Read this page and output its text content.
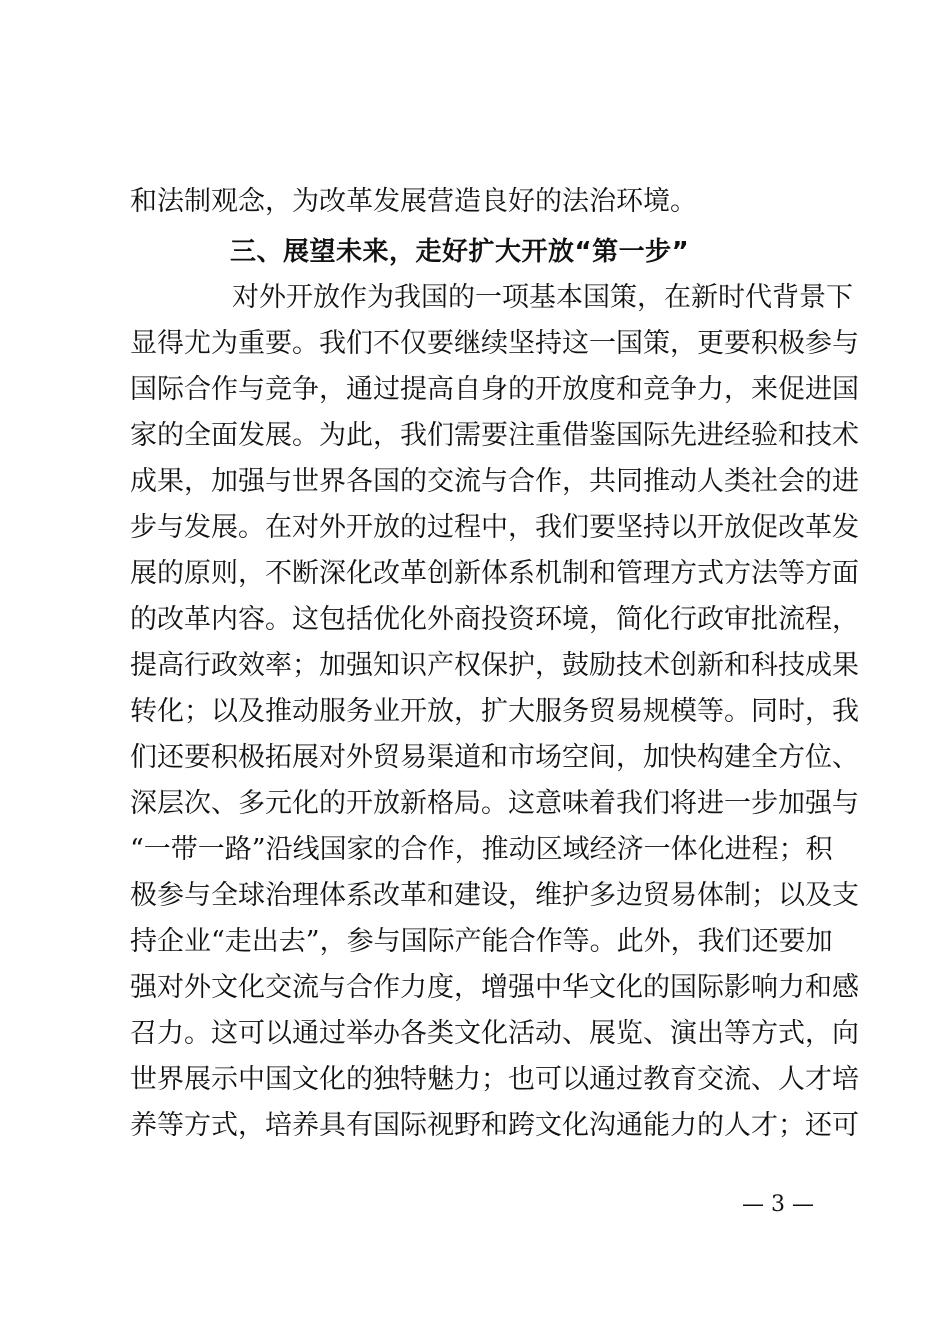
和法制观念，为改革发展营造良好的法治环境。
三、展望未来，走好扩大开放“第一步”
对外开放作为我国的一项基本国策，在新时代背景下
显得尤为重要。我们不仅要继续坚持这一国策，更要积极参与
国际合作与竞争，通过提高自身的开放度和竞争力，来促进国
家的全面发展。为此，我们需要注重借鉴国际先进经验和技术
成果，加强与世界各国的交流与合作，共同推动人类社会的进
步与发展。在对外开放的过程中，我们要坚持以开放促改革发
展的原则，不断深化改革创新体系机制和管理方式方法等方面
的改革内容。这包括优化外商投资环境，简化行政审批流程，
提高行政效率；加强知识产权保护，鼓励技术创新和科技成果
转化；以及推动服务业开放，扩大服务贸易规模等。同时，我
们还要积极拓展对外贸易渠道和市场空间，加快构建全方位、
深层次、多元化的开放新格局。这意味着我们将进一步加强与
“一带一路”沿线国家的合作，推动区域经济一体化进程；积
极参与全球治理体系改革和建设，维护多边贸易体制；以及支
持企业“走出去”，参与国际产能合作等。此外，我们还要加
强对外文化交流与合作力度，增强中华文化的国际影响力和感
召力。这可以通过举办各类文化活动、展览、演出等方式，向
世界展示中国文化的独特魅力；也可以通过教育交流、人才培
养等方式，培养具有国际视野和跨文化沟通能力的人才；还可
— 3 —
